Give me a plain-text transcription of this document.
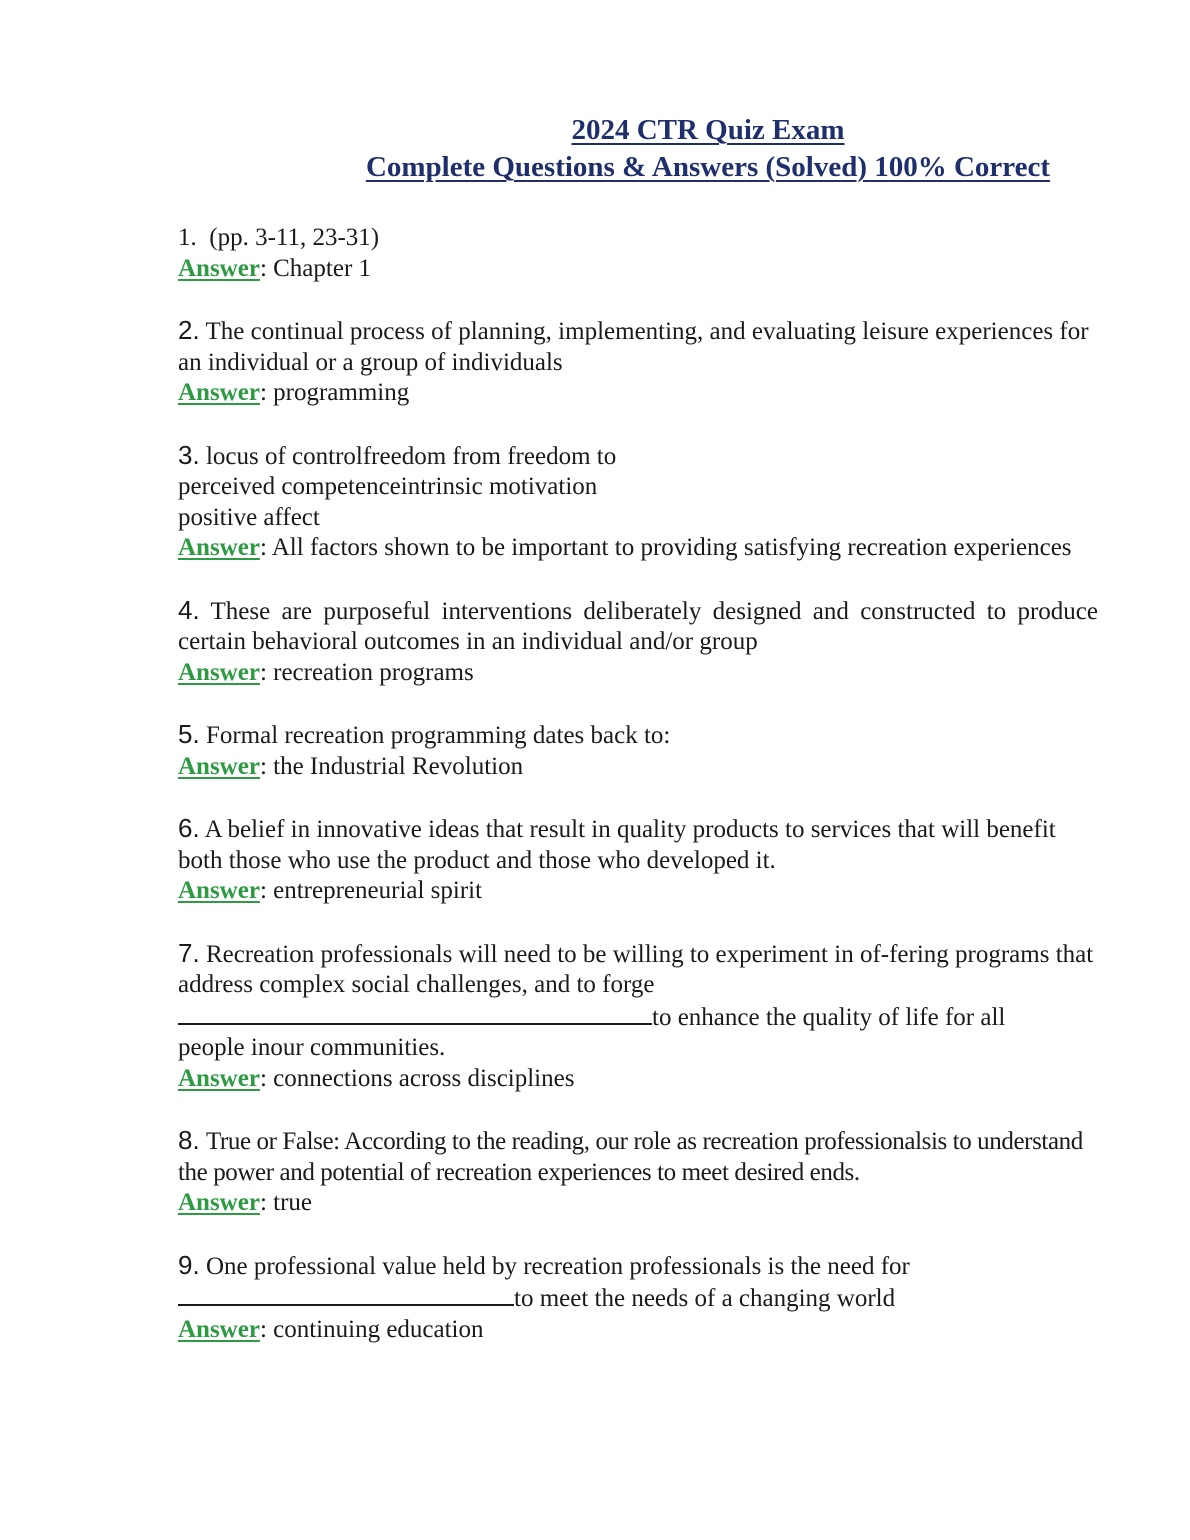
2024 CTR Quiz Exam
Complete Questions & Answers (Solved) 100% Correct
1. (pp. 3-11, 23-31)
Answer: Chapter 1
2. The continual process of planning, implementing, and evaluating leisure experiences for an individual or a group of individuals
Answer: programming
3. locus of controlfreedom from freedom to
perceived competenceintrinsic motivation
positive affect
Answer: All factors shown to be important to providing satisfying recreation experiences
4. These are purposeful interventions deliberately designed and constructed to produce certain behavioral outcomes in an individual and/or group
Answer: recreation programs
5. Formal recreation programming dates back to:
Answer: the Industrial Revolution
6. A belief in innovative ideas that result in quality products to services that will benefit both those who use the product and those who developed it.
Answer: entrepreneurial spirit
7. Recreation professionals will need to be willing to experiment in of-fering programs that address complex social challenges, and to forge
to enhance the quality of life for all
people inour communities.
Answer: connections across disciplines
8. True or False: According to the reading, our role as recreation professionalsis to understand the power and potential of recreation experiences to meet desired ends.
Answer: true
9. One professional value held by recreation professionals is the need for
to meet the needs of a changing world
Answer: continuing education
